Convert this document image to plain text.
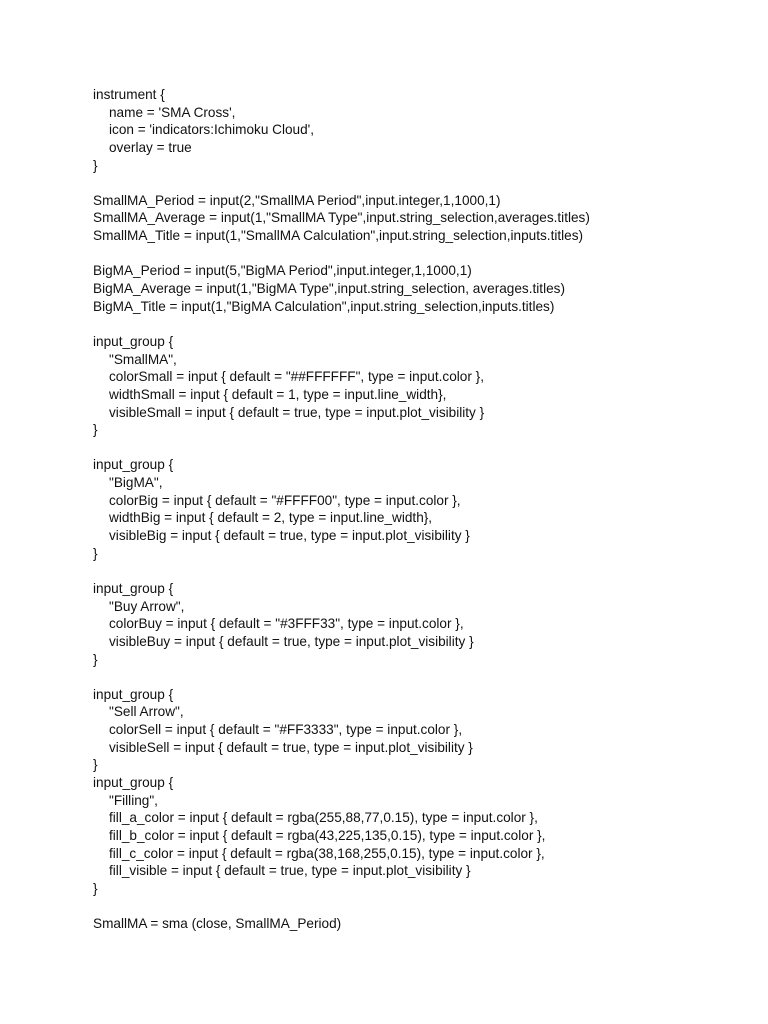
instrument {
name = 'SMA Cross',
icon = 'indicators:Ichimoku Cloud',
overlay = true
}
SmallMA_Period = input(2,"SmallMA Period",input.integer,1,1000,1)
SmallMA_Average = input(1,"SmallMA Type",input.string_selection,averages.titles)
SmallMA_Title = input(1,"SmallMA Calculation",input.string_selection,inputs.titles)
BigMA_Period = input(5,"BigMA Period",input.integer,1,1000,1)
BigMA_Average = input(1,"BigMA Type",input.string_selection, averages.titles)
BigMA_Title = input(1,"BigMA Calculation",input.string_selection,inputs.titles)
input_group {
"SmallMA",
colorSmall = input { default = "##FFFFFF", type = input.color },
widthSmall = input { default = 1, type = input.line_width},
visibleSmall = input { default = true, type = input.plot_visibility }
}
input_group {
"BigMA",
colorBig = input { default = "#FFFF00", type = input.color },
widthBig = input { default = 2, type = input.line_width},
visibleBig = input { default = true, type = input.plot_visibility }
}
input_group {
"Buy Arrow",
colorBuy = input { default = "#3FFF33", type = input.color },
visibleBuy = input { default = true, type = input.plot_visibility }
}
input_group {
"Sell Arrow",
colorSell = input { default = "#FF3333", type = input.color },
visibleSell = input { default = true, type = input.plot_visibility }
}
input_group {
"Filling",
fill_a_color = input { default = rgba(255,88,77,0.15), type = input.color },
fill_b_color = input { default = rgba(43,225,135,0.15), type = input.color },
fill_c_color = input { default = rgba(38,168,255,0.15), type = input.color },
fill_visible = input { default = true, type = input.plot_visibility }
}
SmallMA = sma (close, SmallMA_Period)
